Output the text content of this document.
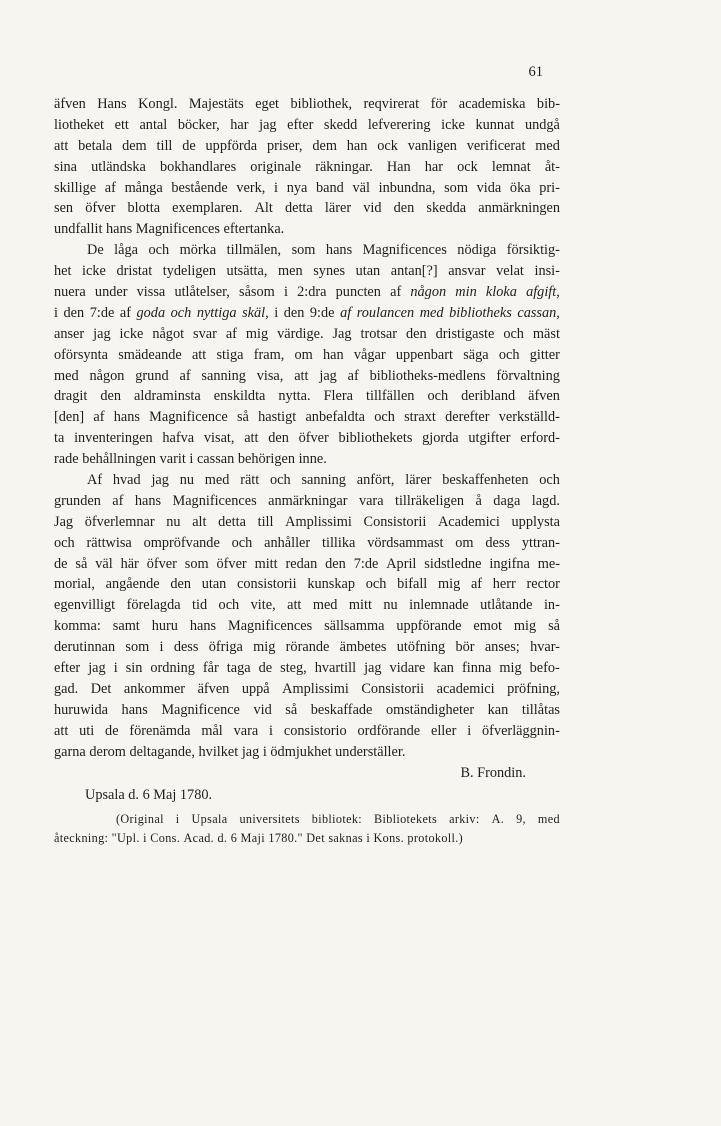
61
äfven Hans Kongl. Majestäts eget bibliothek, reqvirerat för academiska bib-
liotheket ett antal böcker, har jag efter skedd lefverering icke kunnat undgå
att betala dem till de uppförda priser, dem han ock vanligen verificerat med
sina utländska bokhandlares originale räkningar. Han har ock lemnat åt-
skillige af många bestående verk, i nya band väl inbundna, som vida öka pri-
sen öfver blotta exemplaren. Alt detta lärer vid den skedda anmärkningen
undfallit hans Magnificences eftertanka.
De låga och mörka tillmälen, som hans Magnificences nödiga försiktig-
het icke dristat tydeligen utsätta, men synes utan antan[?] ansvar velat insi-
nuera under vissa utlåtelser, såsom i 2:dra puncten af någon min kloka afgift,
i den 7:de af goda och nyttiga skäl, i den 9:de af roulancen med bibliotheks cassan,
anser jag icke något svar af mig värdige. Jag trotsar den dristigaste och mäst
oförsynta smädeande att stiga fram, om han vågar uppenbart säga och gitter
med någon grund af sanning visa, att jag af bibliotheks-medlens förvaltning
dragit den aldraminsta enskildta nytta. Flera tillfällen och deribland äfven
[den] af hans Magnificence så hastigt anbefaldta och straxt derefter verkställd-
ta inventeringen hafva visat, att den öfver bibliothekets gjorda utgifter erford-
rade behållningen varit i cassan behörigen inne.
Af hvad jag nu med rätt och sanning anfört, lärer beskaffenheten och
grunden af hans Magnificences anmärkningar vara tillräkeligen å daga lagd.
Jag öfverlemnar nu alt detta till Amplissimi Consistorii Academici upplysta
och rättwisa ompröfvande och anhåller tillika vördsammast om dess yttran-
de så väl här öfver som öfver mitt redan den 7:de April sidstledne ingifna me-
morial, angående den utan consistorii kunskap och bifall mig af herr rector
egenvilligt förelagda tid och vite, att med mitt nu inlemnade utlåtande in-
komma: samt huru hans Magnificences sällsamma uppförande emot mig så
derutinnan som i dess öfriga mig rörande ämbetes utöfning bör anses; hvar-
efter jag i sin ordning får taga de steg, hvartill jag vidare kan finna mig befo-
gad. Det ankommer äfven uppå Amplissimi Consistorii academici pröfning,
huruwida hans Magnificence vid så beskaffade omständigheter kan tillåtas
att uti de förenämda mål vara i consistorio ordförande eller i öfverläggnin-
garna derom deltagande, hvilket jag i ödmjukhet underställer.
B. Frondin.
Upsala d. 6 Maj 1780.
(Original i Upsala universitets bibliotek: Bibliotekets arkiv: A. 9, med
åteckning: "Upl. i Cons. Acad. d. 6 Maji 1780." Det saknas i Kons. protokoll.)
